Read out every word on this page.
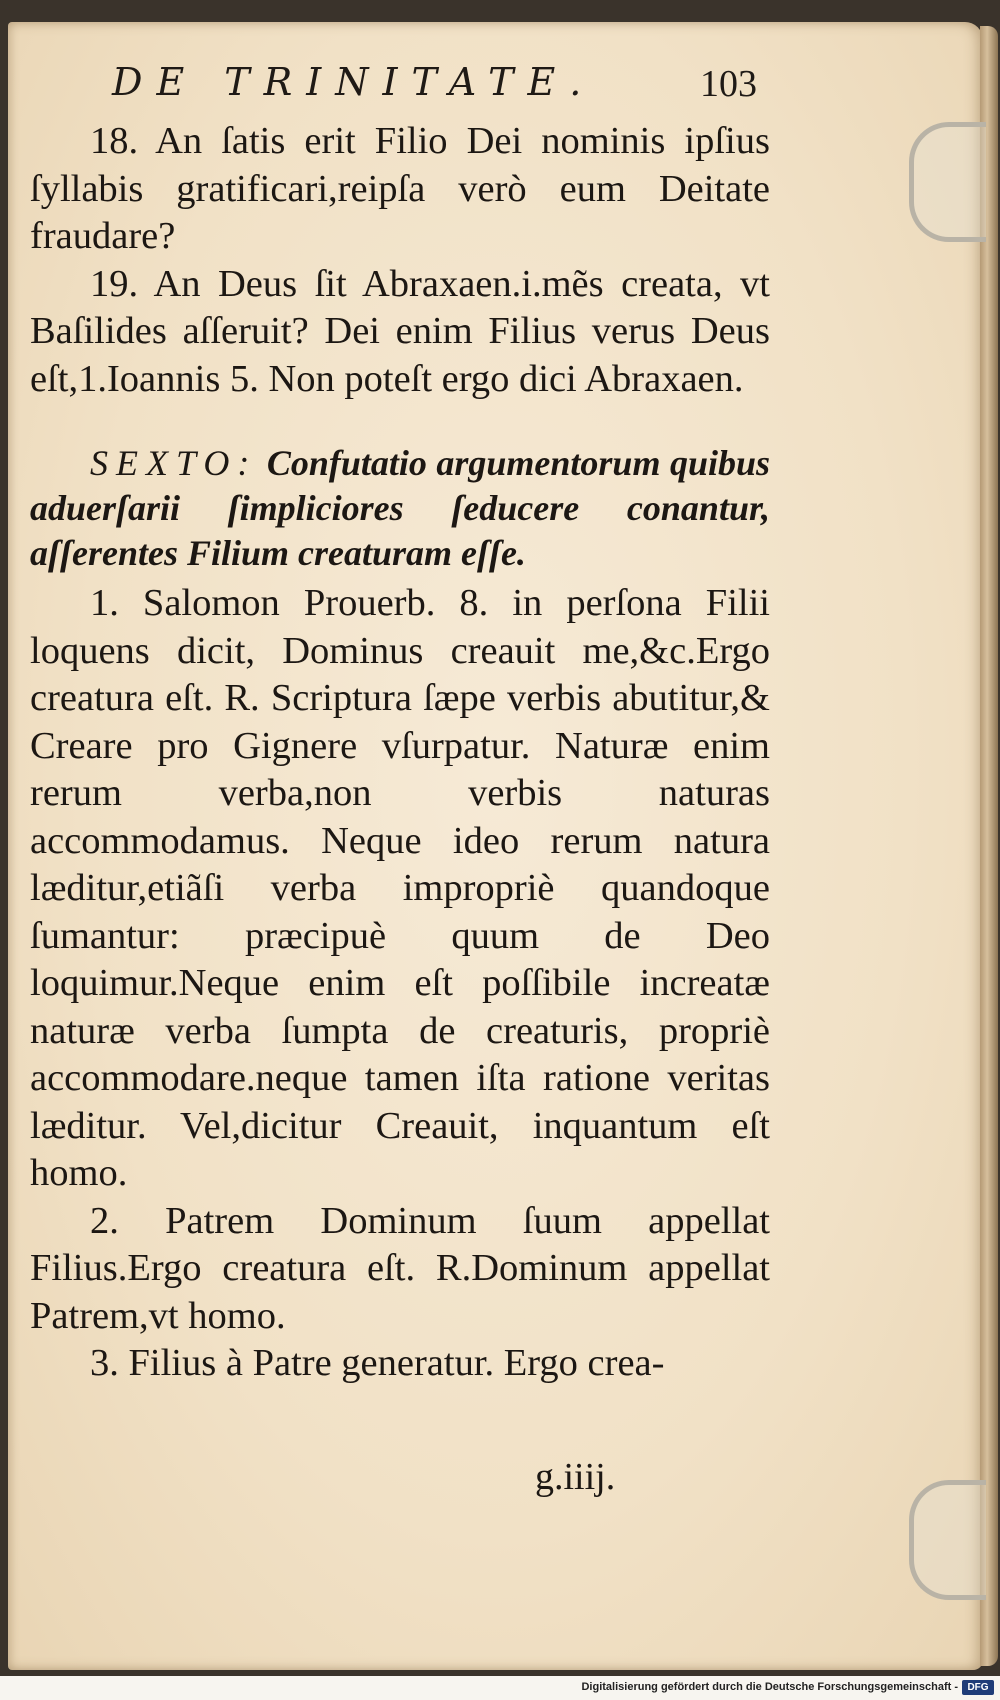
DE TRINITATE.	103

18. An ſatis erit Filio Dei nominis ipſius ſyllabis gratificari,reipſa verò eum Deitate fraudare?

19. An Deus ſit Abraxaen.i.mẽs creata, vt Baſilides aſſeruit? Dei enim Filius verus Deus eſt,1.Ioannis 5. Non poteſt ergo dici Abraxaen.

SEXTO: Confutatio argumentorum quibus aduerſarii ſimpliciores ſeducere conantur, aſſerentes Filium creaturam eſſe.

1. Salomon Prouerb. 8. in perſona Filii loquens dicit, Dominus creauit me,&c.Ergo creatura eſt. R. Scriptura ſæpe verbis abutitur,& Creare pro Gignere vſurpatur. Naturæ enim rerum verba,non verbis naturas accommodamus. Neque ideo rerum natura læditur,etiãſi verba impropriè quandoque ſumantur: præcipuè quum de Deo loquimur.Neque enim eſt poſſibile increatæ naturæ verba ſumpta de creaturis, propriè accommodare.neque tamen iſta ratione veritas læditur. Vel,dicitur Creauit, inquantum eſt homo.

2. Patrem Dominum ſuum appellat Filius.Ergo creatura eſt. R.Dominum appellat Patrem,vt homo.

3. Filius à Patre generatur. Ergo crea-

g.iiij.
Digitalisierung gefördert durch die Deutsche Forschungsgemeinschaft - DFG
